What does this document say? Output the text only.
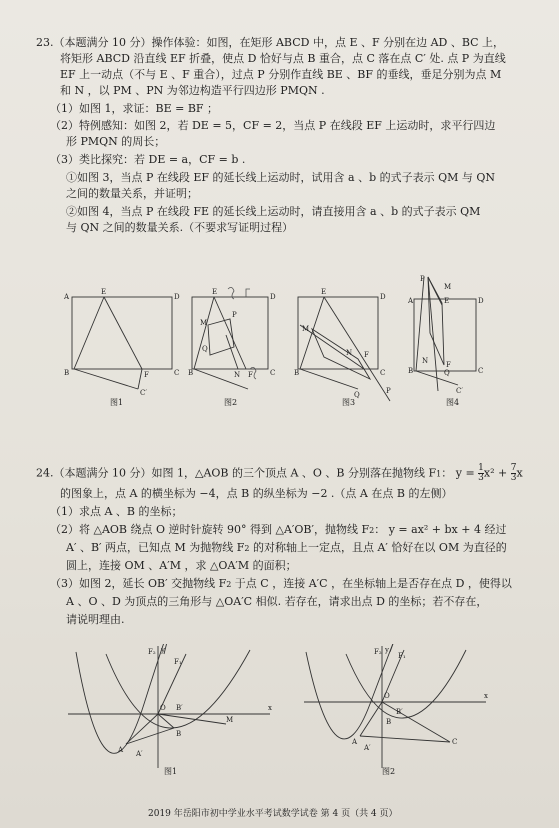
23.（本题满分 10 分）操作体验：如图，在矩形 ABCD 中，点 E 、F 分别在边 AD 、BC 上，
将矩形 ABCD 沿直线 EF 折叠，使点 D 恰好与点 B 重合，点 C 落在点 C′ 处. 点 P 为直线
EF 上一动点（不与 E 、F 重合），过点 P 分别作直线 BE 、BF 的垂线，垂足分别为点 M
和 N ，以 PM 、PN 为邻边构造平行四边形 PMQN .
（1）如图 1，求证：BE = BF ；
（2）特例感知：如图 2，若 DE = 5，CF = 2，当点 P 在线段 EF 上运动时，求平行四边
形 PMQN 的周长；
（3）类比探究：若 DE = a，CF = b .
①如图 3，当点 P 在线段 EF 的延长线上运动时，试用含 a 、b 的式子表示 QM 与 QN
之间的数量关系，并证明；
②如图 4，当点 P 在线段 FE 的延长线上运动时，请直接用含 a 、b 的式子表示 QM
与 QN 之间的数量关系.（不要求写证明过程）
A
E
D
B	F	C
C′
图1
E
D
M
P
Q
B	N F C
图2
E
D
M
N F
B	C
Q	P
图3
P
M
A	E	D
N
B	Q
F
C
C′
图4
24.（本题满分 10 分）如图 1，△AOB 的三个顶点 A 、O 、B 分别落在抛物线 F1： $y = \frac{1}{3} x^2 + \frac{7}{3}$ x
的图象上，点 A 的横坐标为 −4，点 B 的纵坐标为 −2 .（点 A 在点 B 的左侧）
（1）求点 A 、B 的坐标；
（2）将 △AOB 绕点 O 逆时针旋转 90° 得到 △A′OB′，抛物线 F2： y = ax² + bx + 4 经过
A′ 、B′ 两点，已知点 M 为抛物线 F2 的对称轴上一定点，且点 A′ 恰好在以 OM 为直径的
圆上，连接 OM 、A′M ，求 △OA′M 的面积；
（3）如图 2，延长 OB′ 交抛物线 F2 于点 C ，连接 A′C ，在坐标轴上是否存在点 D ，使得以
A 、O 、D 为顶点的三角形与 △OA′C 相似. 若存在，请求出点 D 的坐标；若不存在，
请说明理由.
F₂
F₁
y
x
O B′
M
B
A A′
图1
F₂ F₁
y
x
O
B′
B
C
A
A′
图2
2019 年岳阳市初中学业水平考试数学试卷 第 4 页（共 4 页）
